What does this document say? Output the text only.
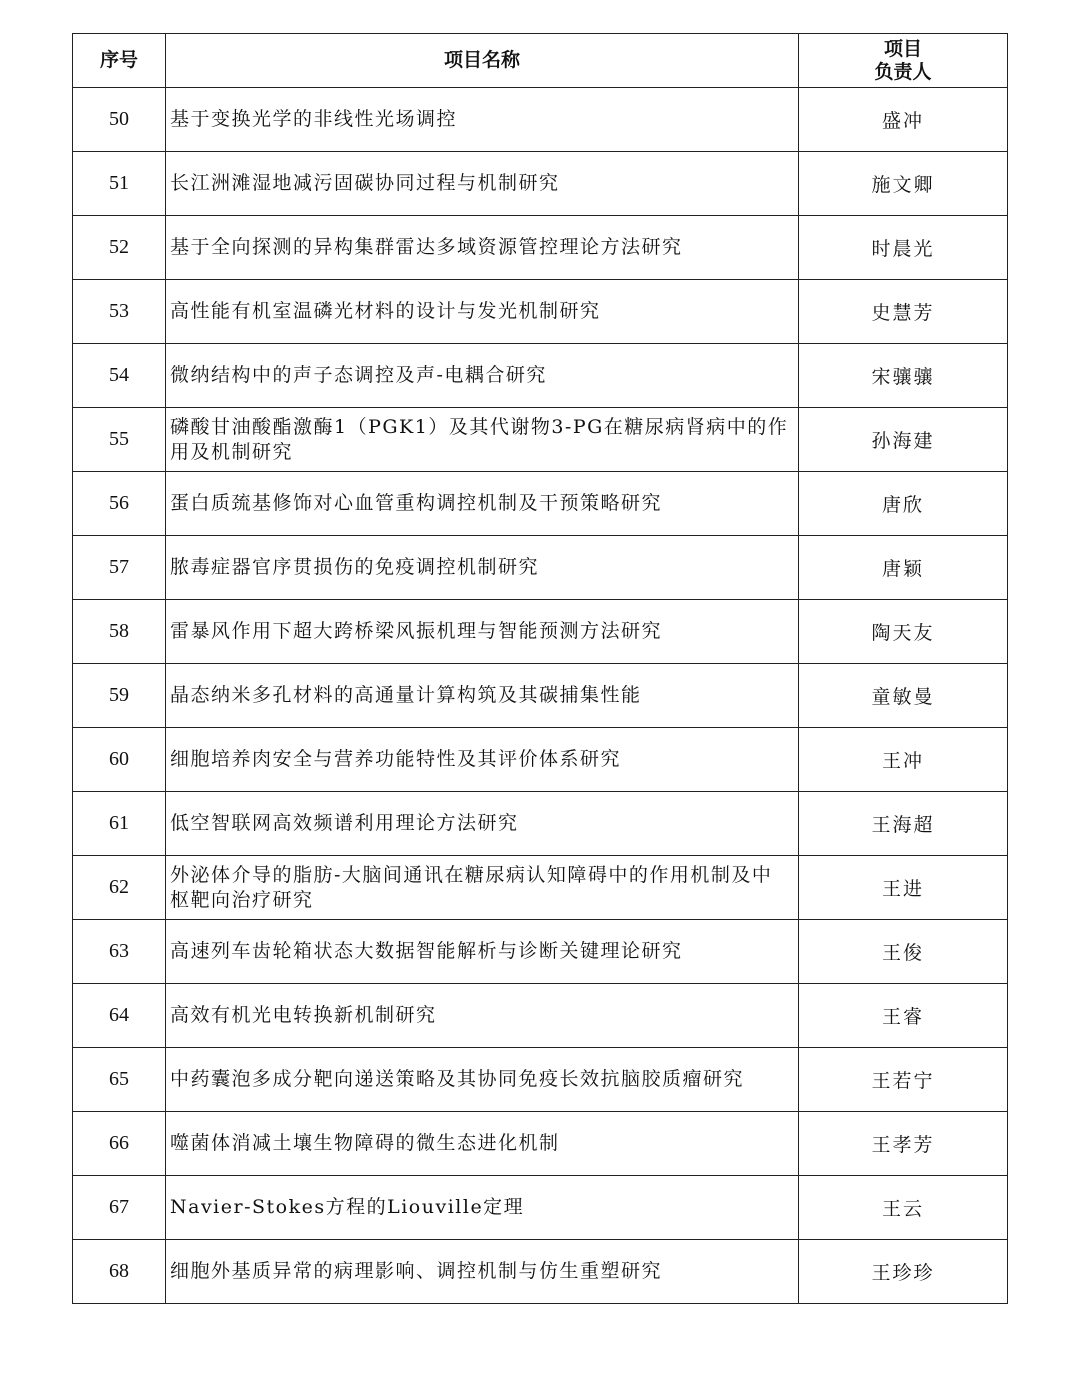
序号	项目名称	项目
负责人

50	基于变换光学的非线性光场调控	盛冲
51	长江洲滩湿地减污固碳协同过程与机制研究	施文卿
52	基于全向探测的异构集群雷达多域资源管控理论方法研究	时晨光
53	高性能有机室温磷光材料的设计与发光机制研究	史慧芳
54	微纳结构中的声子态调控及声-电耦合研究	宋骧骧
55	磷酸甘油酸酯激酶1（PGK1）及其代谢物3-PG在糖尿病肾病中的作用及机制研究	孙海建
56	蛋白质巯基修饰对心血管重构调控机制及干预策略研究	唐欣
57	脓毒症器官序贯损伤的免疫调控机制研究	唐颖
58	雷暴风作用下超大跨桥梁风振机理与智能预测方法研究	陶天友
59	晶态纳米多孔材料的高通量计算构筑及其碳捕集性能	童敏曼
60	细胞培养肉安全与营养功能特性及其评价体系研究	王冲
61	低空智联网高效频谱利用理论方法研究	王海超
62	外泌体介导的脂肪-大脑间通讯在糖尿病认知障碍中的作用机制及中枢靶向治疗研究	王进
63	高速列车齿轮箱状态大数据智能解析与诊断关键理论研究	王俊
64	高效有机光电转换新机制研究	王睿
65	中药囊泡多成分靶向递送策略及其协同免疫长效抗脑胶质瘤研究	王若宁
66	噬菌体消减土壤生物障碍的微生态进化机制	王孝芳
67	Navier-Stokes方程的Liouville定理	王云
68	细胞外基质异常的病理影响、调控机制与仿生重塑研究	王珍珍
